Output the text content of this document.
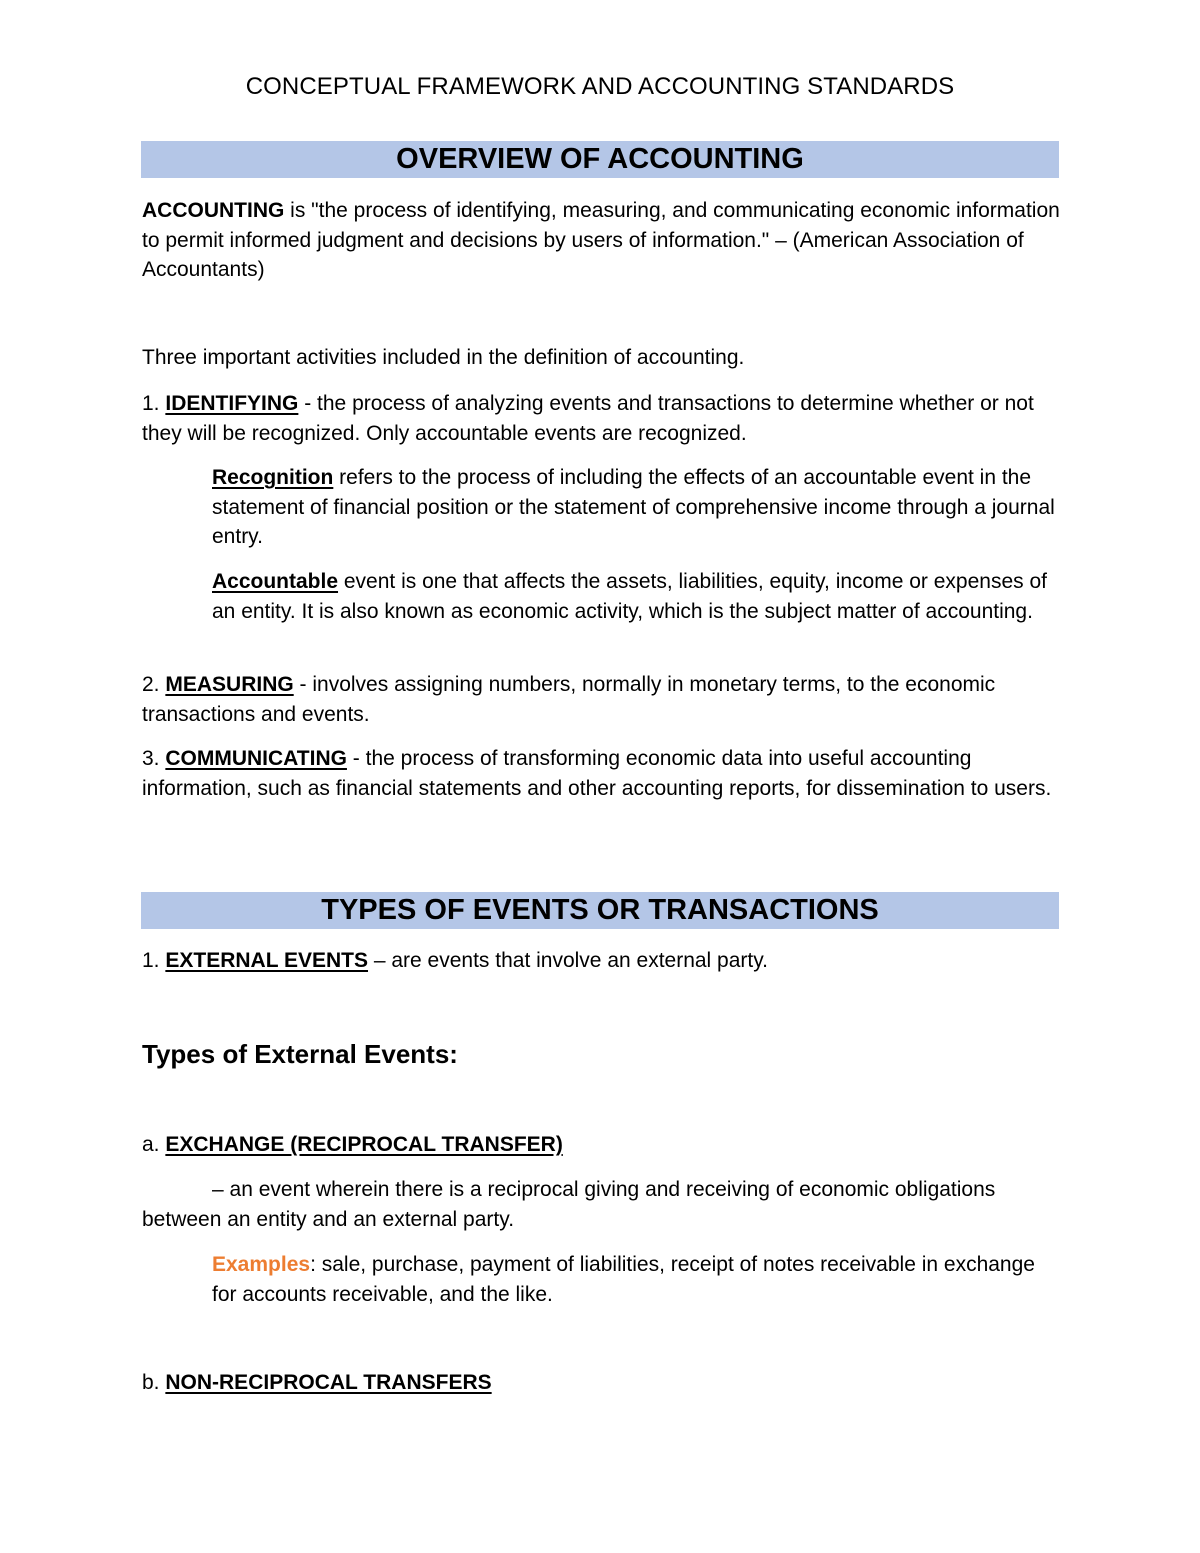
CONCEPTUAL FRAMEWORK AND ACCOUNTING STANDARDS
OVERVIEW OF ACCOUNTING

ACCOUNTING is "the process of identifying, measuring, and communicating economic information to permit informed judgment and decisions by users of information." – (American Association of Accountants)

Three important activities included in the definition of accounting.

1. IDENTIFYING - the process of analyzing events and transactions to determine whether or not they will be recognized. Only accountable events are recognized.

Recognition refers to the process of including the effects of an accountable event in the statement of financial position or the statement of comprehensive income through a journal entry.

Accountable event is one that affects the assets, liabilities, equity, income or expenses of an entity. It is also known as economic activity, which is the subject matter of accounting.

2. MEASURING - involves assigning numbers, normally in monetary terms, to the economic transactions and events.

3. COMMUNICATING - the process of transforming economic data into useful accounting information, such as financial statements and other accounting reports, for dissemination to users.

TYPES OF EVENTS OR TRANSACTIONS

1. EXTERNAL EVENTS – are events that involve an external party.

Types of External Events:

a. EXCHANGE (RECIPROCAL TRANSFER)

– an event wherein there is a reciprocal giving and receiving of economic obligations between an entity and an external party.

Examples: sale, purchase, payment of liabilities, receipt of notes receivable in exchange for accounts receivable, and the like.

b. NON-RECIPROCAL TRANSFERS
